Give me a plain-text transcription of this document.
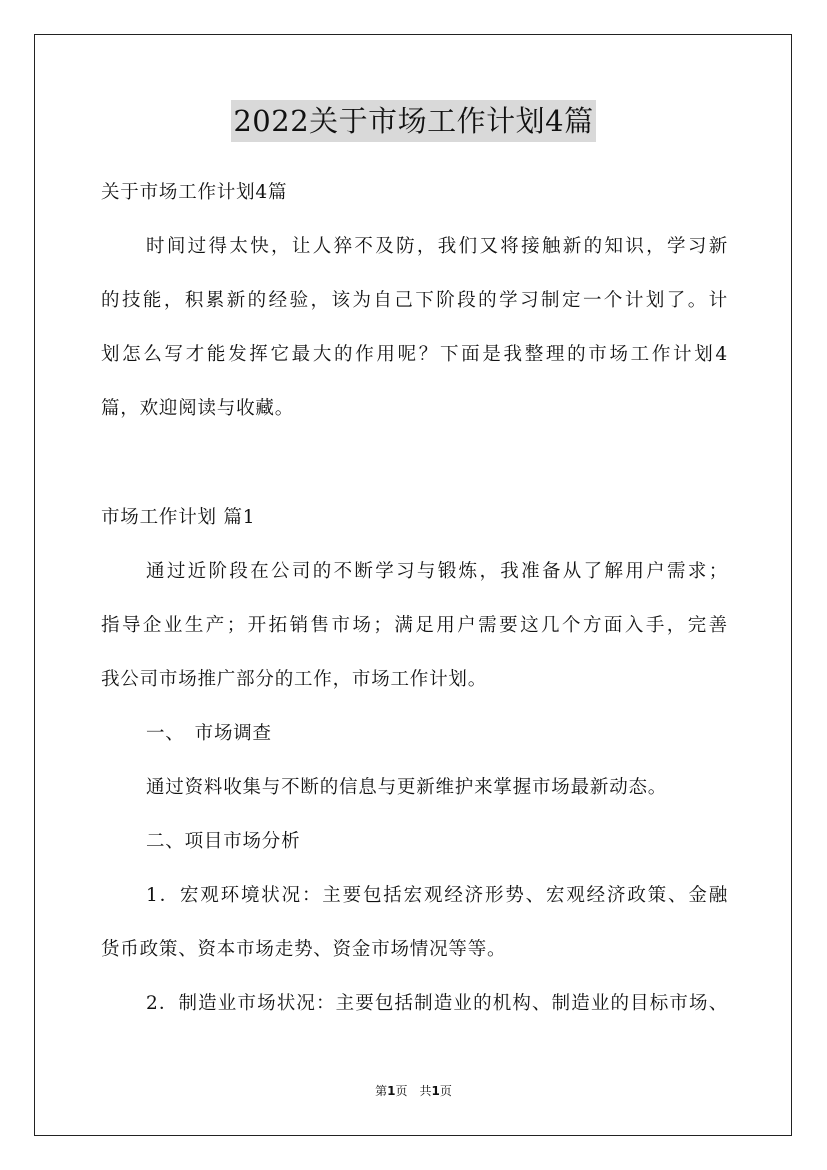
2022关于市场工作计划4篇
关于市场工作计划4篇
时间过得太快，让人猝不及防，我们又将接触新的知识，学习新
的技能，积累新的经验，该为自己下阶段的学习制定一个计划了。计
划怎么写才能发挥它最大的作用呢？下面是我整理的市场工作计划4
篇，欢迎阅读与收藏。
市场工作计划 篇1
通过近阶段在公司的不断学习与锻炼，我准备从了解用户需求；
指导企业生产；开拓销售市场；满足用户需要这几个方面入手，完善
我公司市场推广部分的工作，市场工作计划。
一、　市场调查
通过资料收集与不断的信息与更新维护来掌握市场最新动态。
二、项目市场分析
1．宏观环境状况：主要包括宏观经济形势、宏观经济政策、金融
货币政策、资本市场走势、资金市场情况等等。
2．制造业市场状况：主要包括制造业的机构、制造业的目标市场、
第1页　共1页
